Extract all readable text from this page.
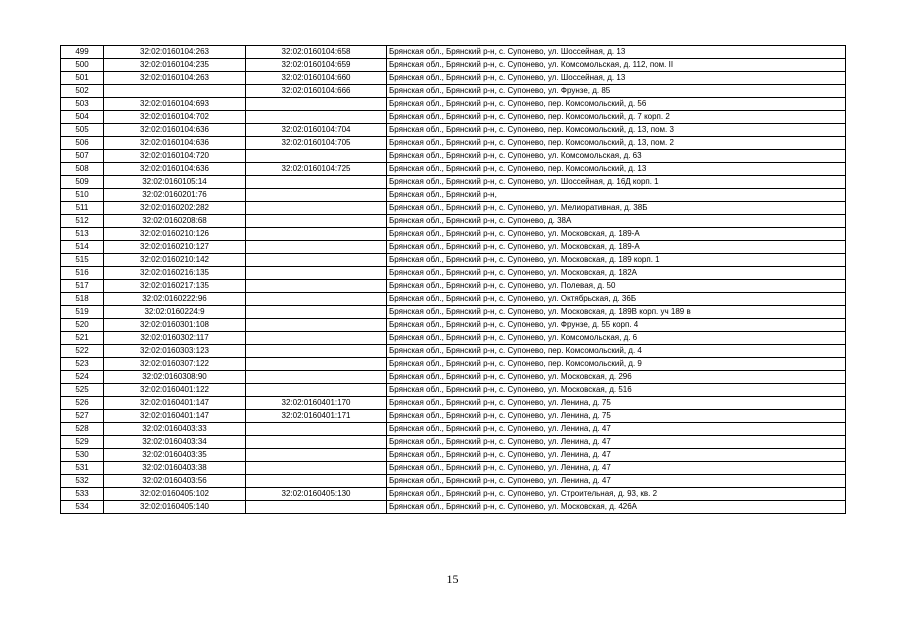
499	32:02:0160104:263	32:02:0160104:658	Брянская обл., Брянский р-н, с. Супонево, ул. Шоссейная, д. 13
500	32:02:0160104:235	32:02:0160104:659	Брянская обл., Брянский р-н, с. Супонево, ул. Комсомольская, д. 112, пом. II
501	32:02:0160104:263	32:02:0160104:660	Брянская обл., Брянский р-н, с. Супонево, ул. Шоссейная, д. 13
502		32:02:0160104:666	Брянская обл., Брянский р-н, с. Супонево, ул. Фрунзе, д. 85
503	32:02:0160104:693		Брянская обл., Брянский р-н, с. Супонево, пер. Комсомольский, д. 56
504	32:02:0160104:702		Брянская обл., Брянский р-н, с. Супонево, пер. Комсомольский, д. 7 корп. 2
505	32:02:0160104:636	32:02:0160104:704	Брянская обл., Брянский р-н, с. Супонево, пер. Комсомольский, д. 13, пом. 3
506	32:02:0160104:636	32:02:0160104:705	Брянская обл., Брянский р-н, с. Супонево, пер. Комсомольский, д. 13, пом. 2
507	32:02:0160104:720		Брянская обл., Брянский р-н, с. Супонево, ул. Комсомольская, д. 63
508	32:02:0160104:636	32:02:0160104:725	Брянская обл., Брянский р-н, с. Супонево, пер. Комсомольский, д. 13
509	32:02:0160105:14		Брянская обл., Брянский р-н, с. Супонево, ул. Шоссейная, д. 16Д корп. 1
510	32:02:0160201:76		Брянская обл., Брянский р-н,
511	32:02:0160202:282		Брянская обл., Брянский р-н, с. Супонево, ул. Мелиоративная, д. 38Б
512	32:02:0160208:68		Брянская обл., Брянский р-н, с. Супонево, д. 38А
513	32:02:0160210:126		Брянская обл., Брянский р-н, с. Супонево, ул. Московская, д. 189-А
514	32:02:0160210:127		Брянская обл., Брянский р-н, с. Супонево, ул. Московская, д. 189-А
515	32:02:0160210:142		Брянская обл., Брянский р-н, с. Супонево, ул. Московская, д. 189 корп. 1
516	32:02:0160216:135		Брянская обл., Брянский р-н, с. Супонево, ул. Московская, д. 182А
517	32:02:0160217:135		Брянская обл., Брянский р-н, с. Супонево, ул. Полевая, д. 50
518	32:02:0160222:96		Брянская обл., Брянский р-н, с. Супонево, ул. Октябрьская, д. 36Б
519	32:02:0160224:9		Брянская обл., Брянский р-н, с. Супонево, ул. Московская, д. 189В корп. уч 189 в
520	32:02:0160301:108		Брянская обл., Брянский р-н, с. Супонево, ул. Фрунзе, д. 55 корп. 4
521	32:02:0160302:117		Брянская обл., Брянский р-н, с. Супонево, ул. Комсомольская, д. 6
522	32:02:0160303:123		Брянская обл., Брянский р-н, с. Супонево, пер. Комсомольский, д. 4
523	32:02:0160307:122		Брянская обл., Брянский р-н, с. Супонево, пер. Комсомольский, д. 9
524	32:02:0160308:90		Брянская обл., Брянский р-н, с. Супонево, ул. Московская, д. 296
525	32:02:0160401:122		Брянская обл., Брянский р-н, с. Супонево, ул. Московская, д. 516
526	32:02:0160401:147	32:02:0160401:170	Брянская обл., Брянский р-н, с. Супонево, ул. Ленина, д. 75
527	32:02:0160401:147	32:02:0160401:171	Брянская обл., Брянский р-н, с. Супонево, ул. Ленина, д. 75
528	32:02:0160403:33		Брянская обл., Брянский р-н, с. Супонево, ул. Ленина, д. 47
529	32:02:0160403:34		Брянская обл., Брянский р-н, с. Супонево, ул. Ленина, д. 47
530	32:02:0160403:35		Брянская обл., Брянский р-н, с. Супонево, ул. Ленина, д. 47
531	32:02:0160403:38		Брянская обл., Брянский р-н, с. Супонево, ул. Ленина, д. 47
532	32:02:0160403:56		Брянская обл., Брянский р-н, с. Супонево, ул. Ленина, д. 47
533	32:02:0160405:102	32:02:0160405:130	Брянская обл., Брянский р-н, с. Супонево, ул. Строительная, д. 93, кв. 2
534	32:02:0160405:140		Брянская обл., Брянский р-н, с. Супонево, ул. Московская, д. 426А
15
